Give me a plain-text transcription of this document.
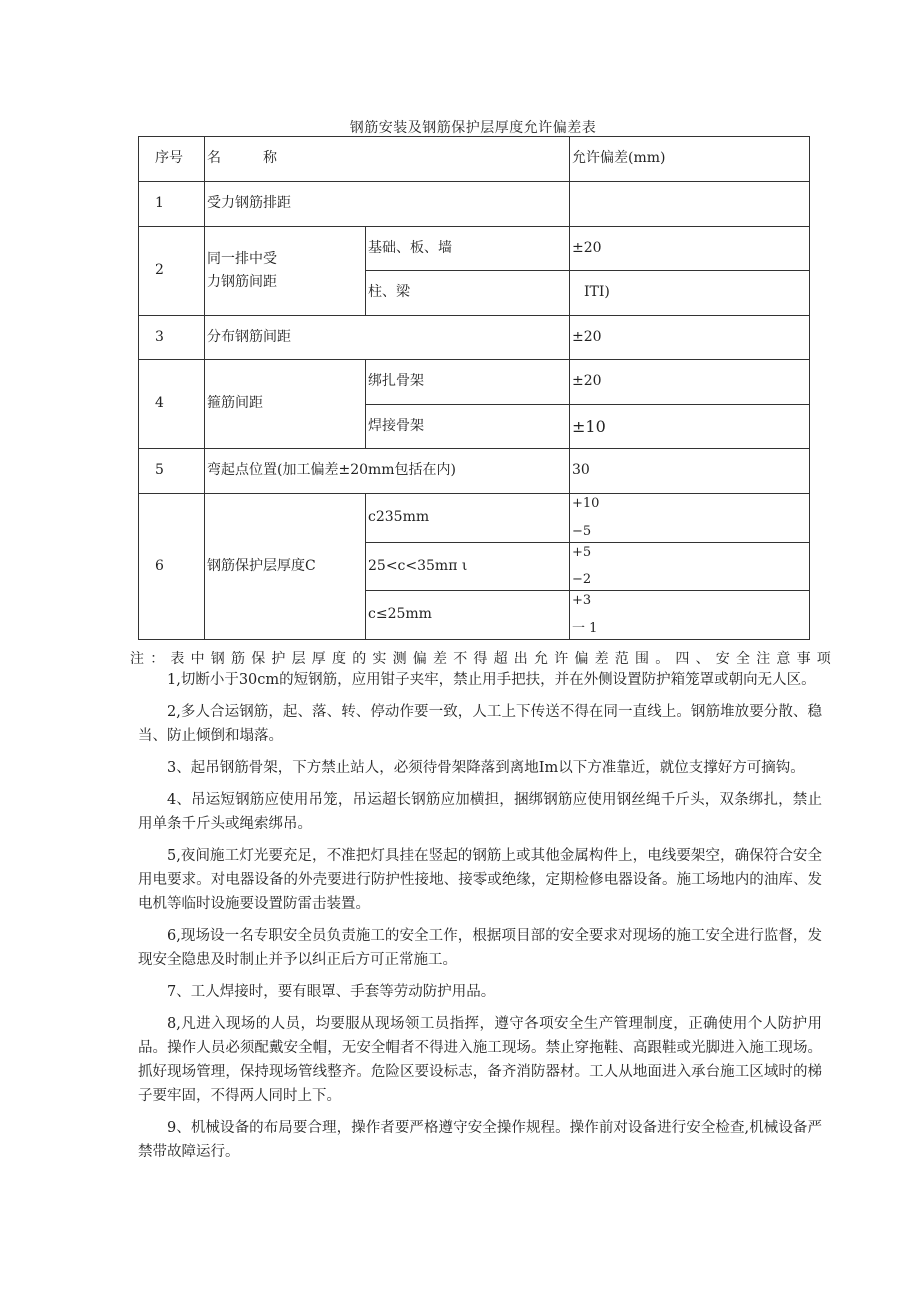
钢筋安装及钢筋保护层厚度允许偏差表
序号	名　　　称		允许偏差(mm)
1	受力钢筋排距		
2	同一排中受
力钢筋间距	基础、板、墙	±20
		柱、梁	ITI)
3	分布钢筋间距		±20
4	箍筋间距	绑扎骨架	±20
		焊接骨架	±10
5	弯起点位置(加工偏差±20mm包括在内)		30
6	钢筋保护层厚度C	c235mm	+10
−5

		25<c<35mπ ι	+5
−2

		c≤25mm	+3
一 1
注：表中钢筋保护层厚度的实测偏差不得超出允许偏差范围。四、安全注意事项

1,切断小于30cm的短钢筋，应用钳子夹牢，禁止用手把扶，并在外侧设置防护箱笼罩或朝向无人区。

2,多人合运钢筋，起、落、转、停动作要一致，人工上下传送不得在同一直线上。钢筋堆放要分散、稳当、防止倾倒和塌落。

3、起吊钢筋骨架，下方禁止站人，必须待骨架降落到离地Im以下方准靠近，就位支撑好方可摘钩。

4、吊运短钢筋应使用吊笼，吊运超长钢筋应加横担，捆绑钢筋应使用钢丝绳千斤头，双条绑扎，禁止用单条千斤头或绳索绑吊。

5,夜间施工灯光要充足，不准把灯具挂在竖起的钢筋上或其他金属构件上，电线要架空，确保符合安全用电要求。对电器设备的外壳要进行防护性接地、接零或绝缘，定期检修电器设备。施工场地内的油库、发电机等临时设施要设置防雷击装置。

6,现场设一名专职安全员负责施工的安全工作，根据项目部的安全要求对现场的施工安全进行监督，发现安全隐患及时制止并予以纠正后方可正常施工。

7、工人焊接时，要有眼罩、手套等劳动防护用品。

8,凡进入现场的人员，均要服从现场领工员指挥，遵守各项安全生产管理制度，正确使用个人防护用品。操作人员必须配戴安全帽，无安全帽者不得进入施工现场。禁止穿拖鞋、高跟鞋或光脚进入施工现场。抓好现场管理，保持现场管线整齐。危险区要设标志，备齐消防器材。工人从地面进入承台施工区域时的梯子要牢固，不得两人同时上下。

9、机械设备的布局要合理，操作者要严格遵守安全操作规程。操作前对设备进行安全检查,机械设备严禁带故障运行。
